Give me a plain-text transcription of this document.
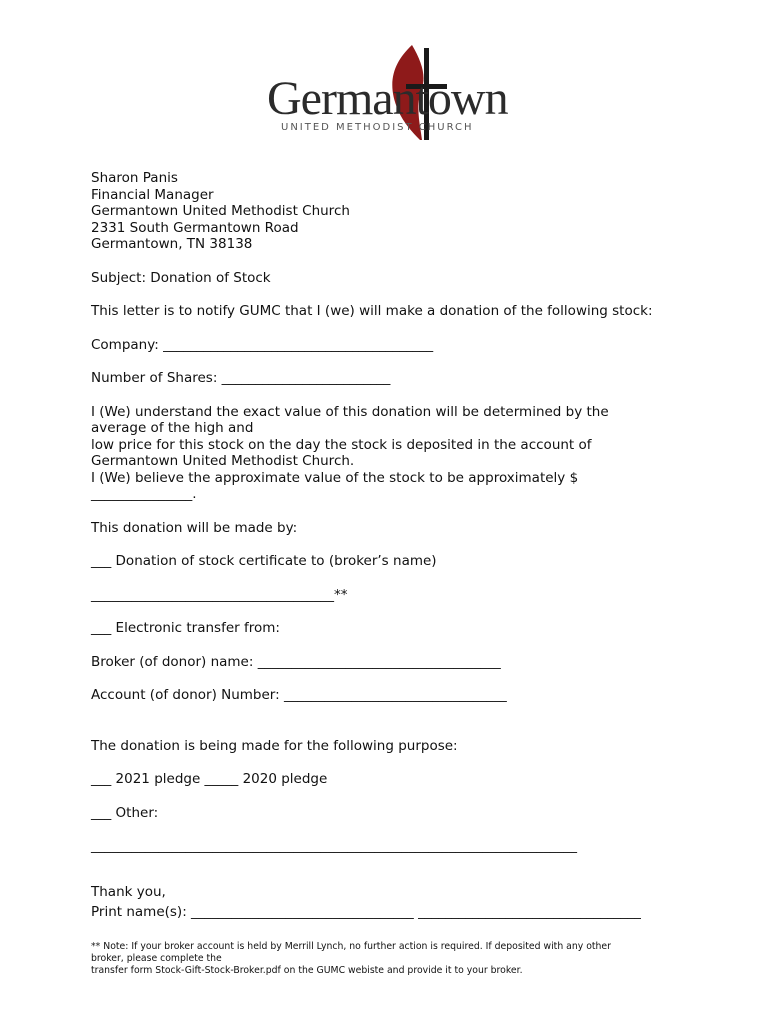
Germantown
UNITED METHODIST CHURCH
Sharon Panis
Financial Manager
Germantown United Methodist Church
2331 South Germantown Road
Germantown, TN 38138
Subject: Donation of Stock
This letter is to notify GUMC that I (we) will make a donation of the following stock:
Company: ________________________________________
Number of Shares: _________________________
I (We) understand the exact value of this donation will be determined by the
average of the high and
low price for this stock on the day the stock is deposited in the account of
Germantown United Methodist Church.
I (We) believe the approximate value of the stock to be approximately $
_______________.
This donation will be made by:
___ Donation of stock certificate to (broker’s name)
____________________________________**
___ Electronic transfer from:
Broker (of donor) name: ____________________________________
Account (of donor) Number: _________________________________
The donation is being made for the following purpose:
___ 2021 pledge _____ 2020 pledge
___ Other:
________________________________________________________________________
Thank you,
Print name(s): _________________________________ _________________________________
** Note: If your broker account is held by Merrill Lynch, no further action is required. If deposited with any other
broker, please complete the
transfer form Stock-Gift-Stock-Broker.pdf on the GUMC webiste and provide it to your broker.
